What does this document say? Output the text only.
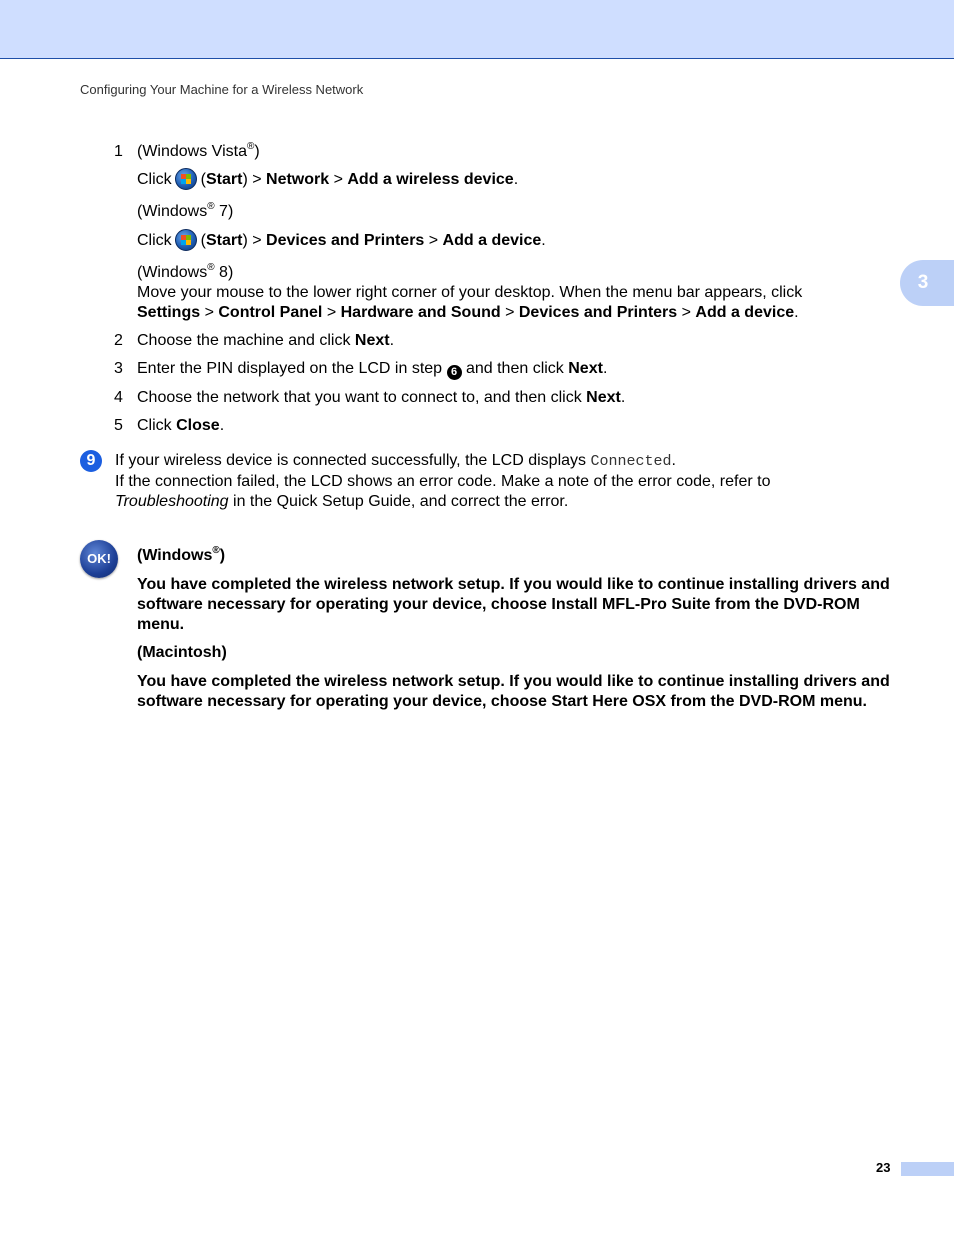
Configuring Your Machine for a Wireless Network
3
1 (Windows Vista®)
Click (Start) > Network > Add a wireless device.
(Windows® 7)
Click (Start) > Devices and Printers > Add a device.
(Windows® 8)
Move your mouse to the lower right corner of your desktop. When the menu bar appears, click
Settings > Control Panel > Hardware and Sound > Devices and Printers > Add a device.
2 Choose the machine and click Next.
3 Enter the PIN displayed on the LCD in step 6 and then click Next.
4 Choose the network that you want to connect to, and then click Next.
5 Click Close.
9	If your wireless device is connected successfully, the LCD displays Connected.
If the connection failed, the LCD shows an error code. Make a note of the error code, refer to
Troubleshooting in the Quick Setup Guide, and correct the error.
OK!	(Windows®)
You have completed the wireless network setup. If you would like to continue installing drivers and software necessary for operating your device, choose Install MFL-Pro Suite from the DVD-ROM menu.
(Macintosh)
You have completed the wireless network setup. If you would like to continue installing drivers and software necessary for operating your device, choose Start Here OSX from the DVD-ROM menu.
23
